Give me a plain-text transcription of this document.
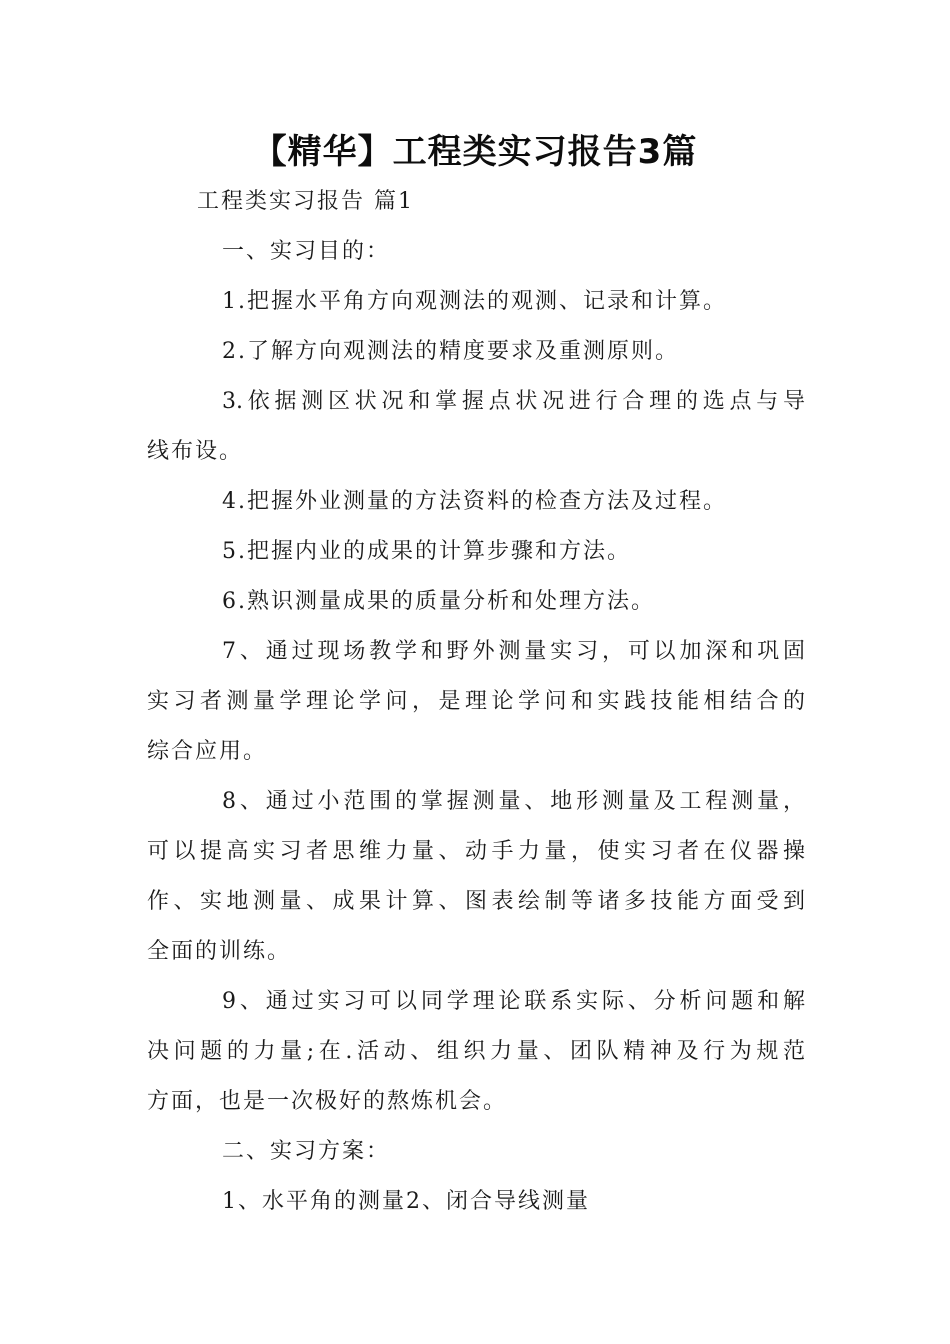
【精华】工程类实习报告3篇
工程类实习报告 篇1
一、实习目的：
1.把握水平角方向观测法的观测、记录和计算。
2.了解方向观测法的精度要求及重测原则。
3.依据测区状况和掌握点状况进行合理的选点与导
线布设。
4.把握外业测量的方法资料的检查方法及过程。
5.把握内业的成果的计算步骤和方法。
6.熟识测量成果的质量分析和处理方法。
7、通过现场教学和野外测量实习，可以加深和巩固
实习者测量学理论学问，是理论学问和实践技能相结合的
综合应用。
8、通过小范围的掌握测量、地形测量及工程测量，
可以提高实习者思维力量、动手力量，使实习者在仪器操
作、实地测量、成果计算、图表绘制等诸多技能方面受到
全面的训练。
9、通过实习可以同学理论联系实际、分析问题和解
决问题的力量;在.活动、组织力量、团队精神及行为规范
方面，也是一次极好的熬炼机会。
二、实习方案：
1、水平角的测量2、闭合导线测量
